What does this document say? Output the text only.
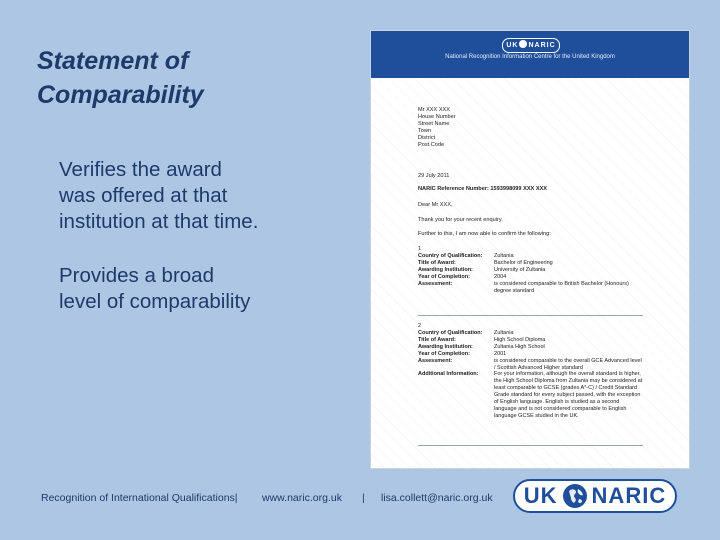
Statement of
Comparability
Verifies the award
was offered at that
institution at that time.
Provides a broad
level of comparability
UK NARIC
National Recognition Information Centre for the United Kingdom
Mr XXX XXX
House Number
Street Name
Town
District
Post Code
29 July 2011
NARIC Reference Number: 1593998099 XXX XXX
Dear Mr XXX,
Thank you for your recent enquiry.
Further to this, I am now able to confirm the following:
1
Country of Qualification:	Zultania
Title of Award:	Bachelor of Engineering
Awarding Institution:	University of Zultania
Year of Completion:	2004
Assessment:	is considered comparable to British Bachelor (Honours) degree standard
2
Country of Qualification:	Zultania
Title of Award:	High School Diploma
Awarding Institution:	Zultania High School
Year of Completion:	2001
Assessment:	is considered comparable to the overall GCE Advanced level / Scottish Advanced Higher standard
Additional Information:	For your information, although the overall standard is higher, the High School Diploma from Zultania may be considered at least comparable to GCSE (grades A*-C) / Credit Standard Grade standard for every subject passed, with the exception of English language. English is studied as a second language and is not considered comparable to English language GCSE studied in the UK.
Recognition of International Qualifications| www.naric.org.uk | lisa.collett@naric.org.uk UK NARIC
